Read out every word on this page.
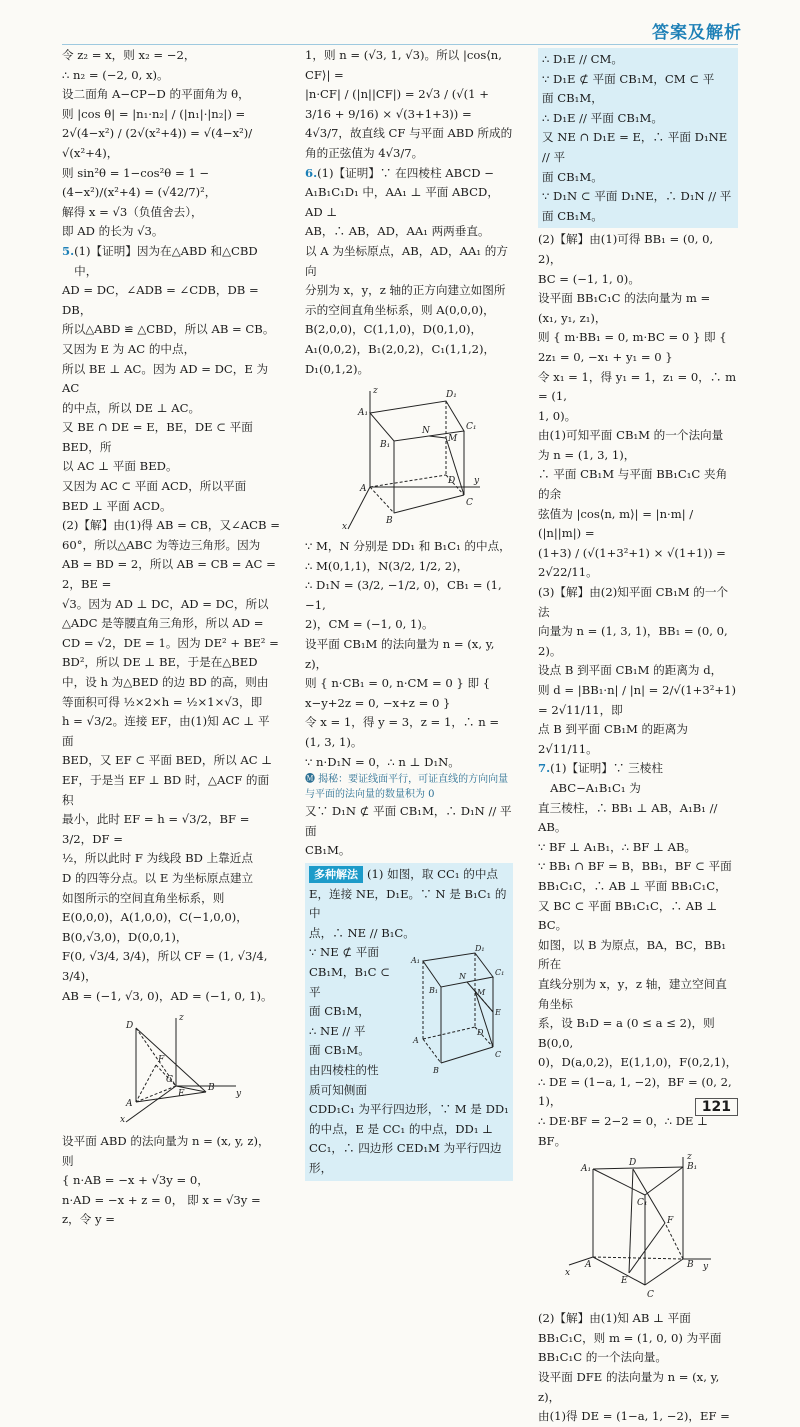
答案及解析

令 z₂ = x，则 x₂ = −2，

∴ n₂ = (−2, 0, x)。

设二面角 A−CP−D 的平面角为 θ，

则 |cos θ| = |n₁·n₂| / (|n₁|·|n₂|) =

2√(4−x²) / (2√(x²+4)) = √(4−x²)/√(x²+4)，

则 sin²θ = 1−cos²θ = 1 − (4−x²)/(x²+4) = (√42/7)²，

解得 x = √3（负值舍去），

即 AD 的长为 √3。

5. (1)【证明】因为在△ABD 和△CBD 中，

AD = DC，∠ADB = ∠CDB，DB = DB，

所以△ABD ≌ △CBD，所以 AB = CB。

又因为 E 为 AC 的中点，

所以 BE ⊥ AC。因为 AD = DC，E 为 AC

的中点，所以 DE ⊥ AC。

又 BE ∩ DE = E，BE，DE ⊂ 平面 BED，所

以 AC ⊥ 平面 BED。

又因为 AC ⊂ 平面 ACD，所以平面

BED ⊥ 平面 ACD。

(2)【解】由(1)得 AB = CB，又∠ACB =

60°，所以△ABC 为等边三角形。因为

AB = BD = 2，所以 AB = CB = AC = 2，BE =

√3。因为 AD ⊥ DC，AD = DC，所以

△ADC 是等腰直角三角形，所以 AD =

CD = √2，DE = 1。因为 DE² + BE² =

BD²，所以 DE ⊥ BE，于是在△BED

中，设 h 为△BED 的边 BD 的高，则由

等面积可得 ½×2×h = ½×1×√3，即

h = √3/2。连接 EF，由(1)知 AC ⊥ 平面

BED，又 EF ⊂ 平面 BED，所以 AC ⊥

EF，于是当 EF ⊥ BD 时，△ACF 的面积

最小，此时 EF = h = √3/2，BF = 3/2，DF =

½，所以此时 F 为线段 BD 上靠近点

D 的四等分点。以 E 为坐标原点建立

如图所示的空间直角坐标系，则

E(0,0,0)，A(1,0,0)，C(−1,0,0)，

B(0,√3,0)，D(0,0,1)，

F(0, √3/4, 3/4)，所以 CF = (1, √3/4, 3/4)，

AB = (−1, √3, 0)，AD = (−1, 0, 1)。

D
F
E
C
A
B
x
y
z

设平面 ABD 的法向量为 n = (x, y, z)，则

{ n·AB = −x + √3y = 0，

n·AD = −x + z = 0， 即 x = √3y = z，令 y =

1，则 n = (√3, 1, √3)。所以 |cos⟨n, CF⟩| =

|n·CF| / (|n||CF|) = 2√3 / (√(1 + 3/16 + 9/16) × √(3+1+3)) =

4√3/7，故直线 CF 与平面 ABD 所成的

角的正弦值为 4√3/7。

6. (1)【证明】∵ 在四棱柱 ABCD −

A₁B₁C₁D₁ 中，AA₁ ⊥ 平面 ABCD，AD ⊥

AB，∴ AB，AD，AA₁ 两两垂直。

以 A 为坐标原点，AB，AD，AA₁ 的方向

分别为 x，y，z 轴的正方向建立如图所

示的空间直角坐标系，则 A(0,0,0)，

B(2,0,0)，C(1,1,0)，D(0,1,0)，

A₁(0,0,2)，B₁(2,0,2)，C₁(1,1,2)，

D₁(0,1,2)。

A₁
D₁
B₁
C₁
M
N
A
D
B
C
x
y
z

∵ M，N 分别是 DD₁ 和 B₁C₁ 的中点，

∴ M(0,1,1)，N(3/2, 1/2, 2)，

∴ D₁N = (3/2, −1/2, 0)，CB₁ = (1, −1,

2)，CM = (−1, 0, 1)。

设平面 CB₁M 的法向量为 n = (x, y, z)，

则 { n·CB₁ = 0, n·CM = 0 } 即 { x−y+2z = 0, −x+z = 0 }

令 x = 1，得 y = 3，z = 1，∴ n = (1, 3, 1)。

∵ n·D₁N = 0，∴ n ⊥ D₁N。

🅜 揭秘：要证线面平行，可证直线的方向向量与平面的法向量的数量积为 0

又∵ D₁N ⊄ 平面 CB₁M，∴ D₁N // 平面

CB₁M。

多种解法 (1) 如图，取 CC₁ 的中点

E，连接 NE，D₁E。∵ N 是 B₁C₁ 的中

点，∴ NE // B₁C。

∵ NE ⊄ 平面

CB₁M，B₁C ⊂ 平

面 CB₁M，

∴ NE // 平

面 CB₁M。

由四棱柱的性

质可知侧面

A₁
D₁
B₁
C₁
M
N
E
A
D
B
C

CDD₁C₁ 为平行四边形，∵ M 是 DD₁

的中点，E 是 CC₁ 的中点，DD₁ ⊥

CC₁，∴ 四边形 CED₁M 为平行四边形，

∴ D₁E // CM。

∵ D₁E ⊄ 平面 CB₁M，CM ⊂ 平

面 CB₁M，

∴ D₁E // 平面 CB₁M。

又 NE ∩ D₁E = E，∴ 平面 D₁NE // 平

面 CB₁M。

∵ D₁N ⊂ 平面 D₁NE，∴ D₁N // 平面 CB₁M。

(2)【解】由(1)可得 BB₁ = (0, 0, 2)，

BC = (−1, 1, 0)。

设平面 BB₁C₁C 的法向量为 m =

(x₁, y₁, z₁)，

则 { m·BB₁ = 0, m·BC = 0 } 即 { 2z₁ = 0, −x₁ + y₁ = 0 }

令 x₁ = 1，得 y₁ = 1，z₁ = 0，∴ m = (1,

1, 0)。

由(1)可知平面 CB₁M 的一个法向量

为 n = (1, 3, 1)，

∴ 平面 CB₁M 与平面 BB₁C₁C 夹角的余

弦值为 |cos⟨n, m⟩| = |n·m| / (|n||m|) =

(1+3) / (√(1+3²+1) × √(1+1)) = 2√22/11。

(3)【解】由(2)知平面 CB₁M 的一个法

向量为 n = (1, 3, 1)，BB₁ = (0, 0, 2)。

设点 B 到平面 CB₁M 的距离为 d，

则 d = |BB₁·n| / |n| = 2/√(1+3²+1) = 2√11/11，即

点 B 到平面 CB₁M 的距离为 2√11/11。

7. (1)【证明】∵ 三棱柱 ABC−A₁B₁C₁ 为

直三棱柱，∴ BB₁ ⊥ AB，A₁B₁ // AB。

∵ BF ⊥ A₁B₁，∴ BF ⊥ AB。

∵ BB₁ ∩ BF = B，BB₁，BF ⊂ 平面

BB₁C₁C，∴ AB ⊥ 平面 BB₁C₁C，

又 BC ⊂ 平面 BB₁C₁C，∴ AB ⊥ BC。

如图，以 B 为原点，BA，BC，BB₁ 所在

直线分别为 x，y，z 轴，建立空间直角坐标

系，设 B₁D = a (0 ≤ a ≤ 2)，则 B(0,0,

0)，D(a,0,2)，E(1,1,0)，F(0,2,1)，

∴ DE = (1−a, 1, −2)，BF = (0, 2, 1)，

∴ DE·BF = 2−2 = 0，∴ DE ⊥ BF。

A₁	B₁
C₁
D
F
A	B
C
E
x
y
z

(2)【解】由(1)知 AB ⊥ 平面

BB₁C₁C，则 m = (1, 0, 0) 为平面

BB₁C₁C 的一个法向量。

设平面 DFE 的法向量为 n = (x, y, z)，

由(1)得 DE = (1−a, 1, −2)，EF =

121
